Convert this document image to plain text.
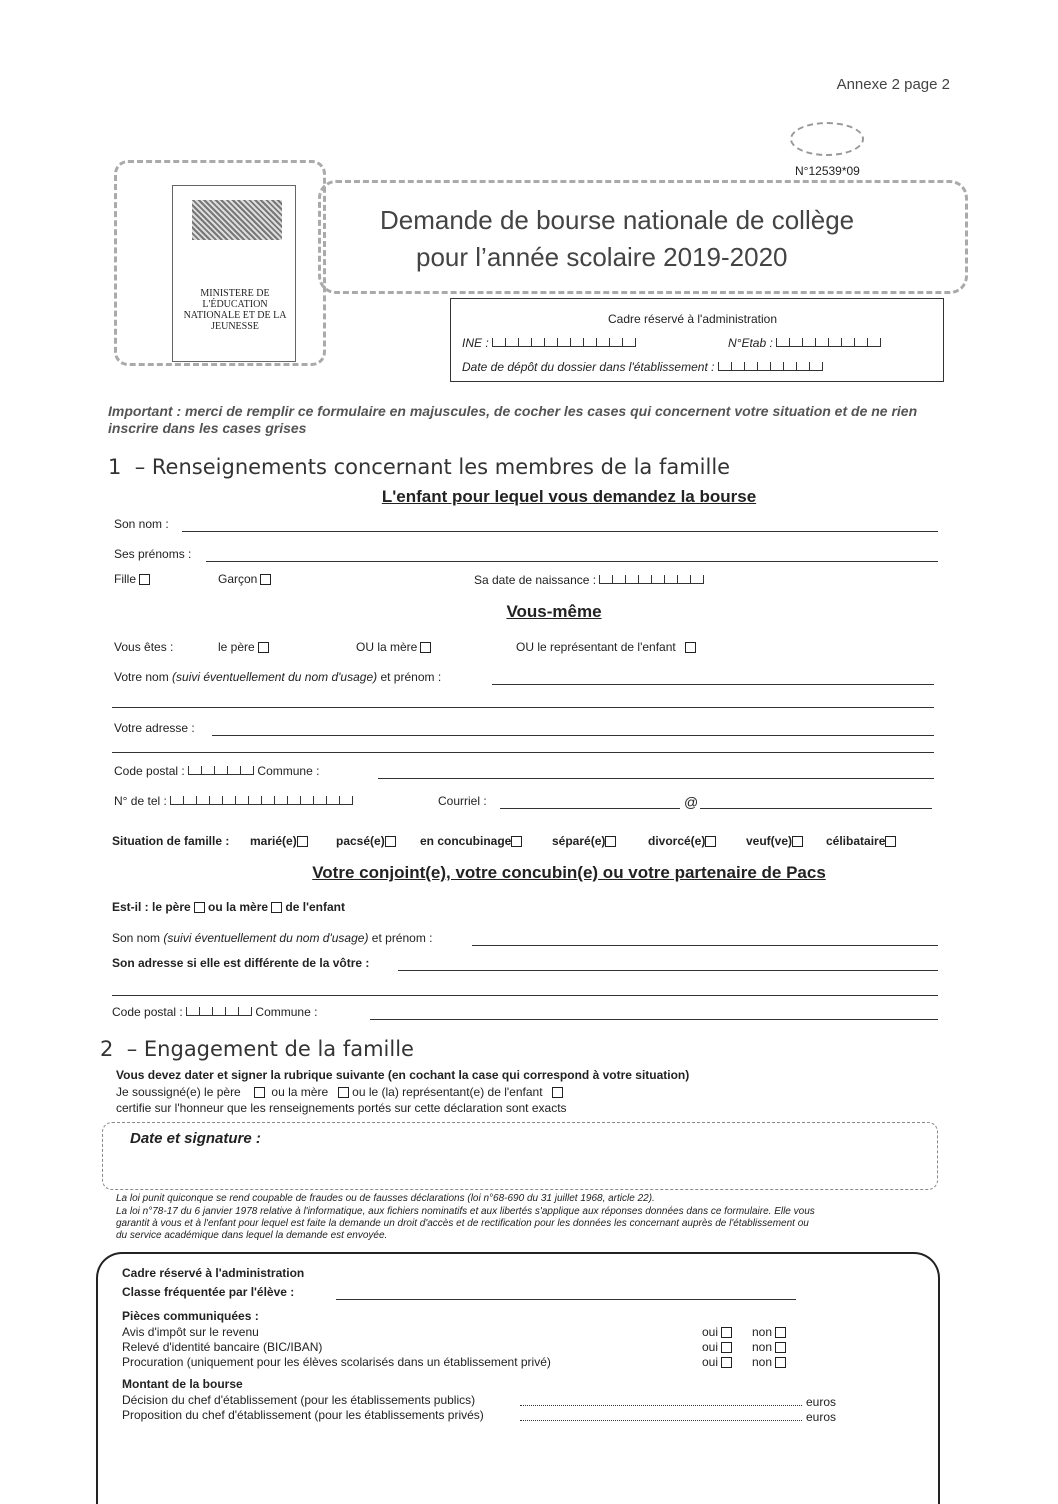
Annexe 2 page 2
N°12539*09
MINISTERE DE L'ÉDUCATION NATIONALE ET DE LA JEUNESSE
Demande de bourse nationale de collège
pour l’année scolaire 2019-2020
Cadre réservé à l'administration
INE :	N°Etab :
Date de dépôt du dossier dans l'établissement :
Important : merci de remplir ce formulaire en majuscules, de cocher les cases qui concernent votre situation et de ne rien inscrire dans les cases grises
1 – Renseignements concernant les membres de la famille
L'enfant pour lequel vous demandez la bourse
Son nom :
Ses prénoms :
Fille	Garçon	Sa date de naissance :
Vous-même
Vous êtes :	le père	OU la mère	OU le représentant de l'enfant
Votre nom (suivi éventuellement du nom d'usage) et prénom :
Votre adresse :
Code postal :	Commune :
N° de tel :	Courriel :	@
Situation de famille : marié(e)	pacsé(e)	en concubinage	séparé(e)	divorcé(e)	veuf(ve)	célibataire
Votre conjoint(e), votre concubin(e) ou votre partenaire de Pacs
Est-il : le père ou la mère de l'enfant
Son nom (suivi éventuellement du nom d'usage) et prénom :
Son adresse si elle est différente de la vôtre :
Code postal :	Commune :
2 – Engagement de la famille
Vous devez dater et signer la rubrique suivante (en cochant la case qui correspond à votre situation)
Je soussigné(e) le père	ou la mère ou le (la) représentant(e) de l'enfant
certifie sur l'honneur que les renseignements portés sur cette déclaration sont exacts
Date et signature :
La loi punit quiconque se rend coupable de fraudes ou de fausses déclarations (loi n°68-690 du 31 juillet 1968, article 22).
La loi n°78-17 du 6 janvier 1978 relative à l'informatique, aux fichiers nominatifs et aux libertés s'applique aux réponses données dans ce formulaire. Elle vous garantit à vous et à l'enfant pour lequel est faite la demande un droit d'accès et de rectification pour les données les concernant auprès de l'établissement ou du service académique dans lequel la demande est envoyée.
Cadre réservé à l'administration
Classe fréquentée par l'élève :
Pièces communiquées :
Avis d'impôt sur le revenu	oui	non
Relevé d'identité bancaire (BIC/IBAN)	oui	non
Procuration (uniquement pour les élèves scolarisés dans un établissement privé)	oui	non
Montant de la bourse
Décision du chef d'établissement (pour les établissements publics)	euros
Proposition du chef d'établissement (pour les établissements privés)	euros
